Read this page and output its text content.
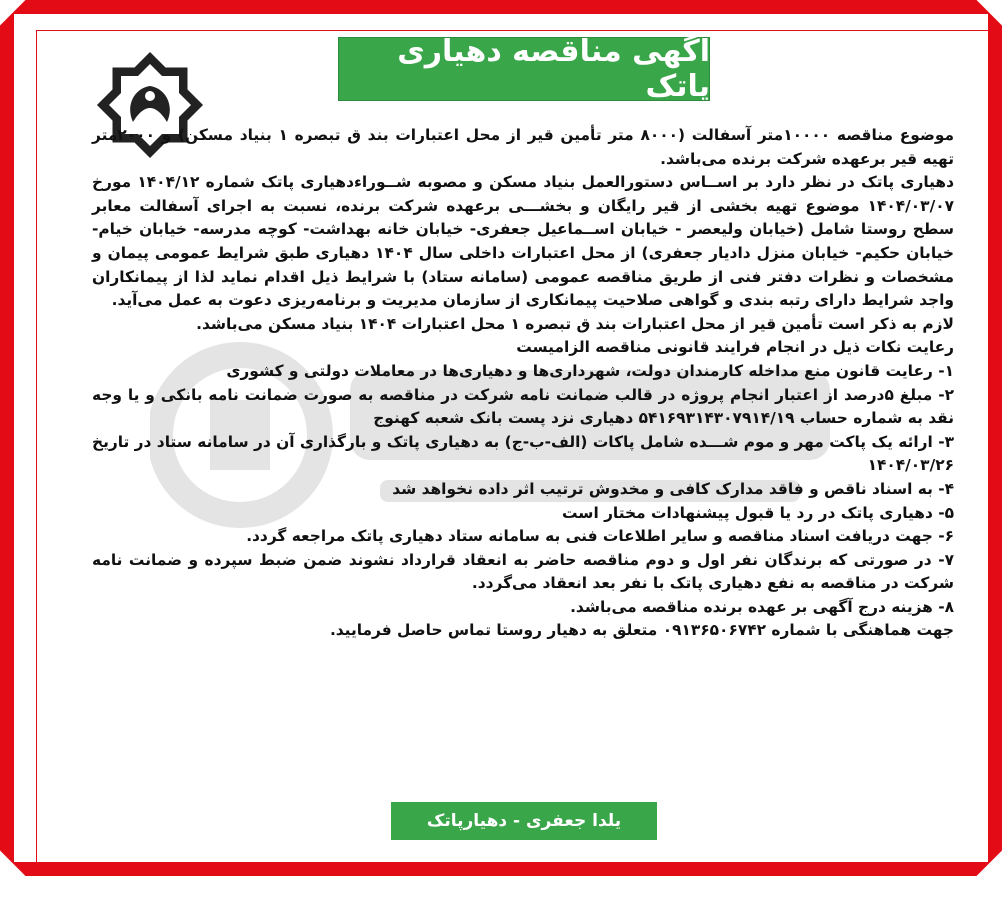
آگهی مناقصه دهیاری پاتک

موضوع مناقصه ۱۰۰۰۰متر آسفالت (۸۰۰۰ متر تأمین قیر از محل اعتبارات بند ق تبصره ۱ بنیاد مسکن) و ۲۰۰۰متر تهیه قیر برعهده شرکت برنده می‌باشد.

دهیاری پاتک در نظر دارد بر اســاس دستورالعمل بنیاد مسکن و مصوبه شــوراء‌دهیاری پاتک شماره ۱۴۰۴/۱۲ مورخ ۱۴۰۴/۰۳/۰۷ موضوع تهیه بخشی از قیر رایگان و بخشـــی برعهده شرکت برنده، نسبت به اجرای آسفالت معابر سطح روستا شامل (خیابان ولیعصر - خیابان اســماعیل جعفری- خیابان خانه بهداشت- کوچه مدرسه- خیابان خیام- خیابان حکیم- خیابان منزل دادیار جعفری) از محل اعتبارات داخلی سال ۱۴۰۴ دهیاری طبق شرایط عمومی پیمان و مشخصات و نظرات دفتر فنی از طریق مناقصه عمومی (سامانه ستاد) با شرایط ذیل اقدام نماید لذا از پیمانکاران واجد شرایط دارای رتبه بندی و گواهی صلاحیت پیمانکاری از سازمان مدیریت و برنامه‌ریزی دعوت به عمل می‌آید.

لازم به ذکر است تأمین قیر از محل اعتبارات بند ق تبصره ۱ محل اعتبارات ۱۴۰۴ بنیاد مسکن می‌باشد.

رعایت نکات ذیل در انجام فرایند قانونی مناقصه الزامیست

۱- رعایت قانون منع مداخله کارمندان دولت، شهرداری‌ها و دهیاری‌ها در معاملات دولتی و کشوری

۲- مبلغ ۵درصد از اعتبار انجام پروژه در قالب ضمانت نامه شرکت در مناقصه به صورت ضمانت نامه بانکی و یا وجه نقد به شماره حساب ۵۴۱۶۹۳۱۴۳۰۷۹۱۴/۱۹ دهیاری نزد پست بانک شعبه کهنوج

۳- ارائه یک پاکت مهر و موم شـــده شامل پاکات (الف-ب-ج) به دهیاری پاتک و بارگذاری آن در سامانه ستاد در تاریخ ۱۴۰۴/۰۳/۲۶

۴- به اسناد ناقص و فاقد مدارک کافی و مخدوش ترتیب اثر داده نخواهد شد

۵- دهیاری پاتک در رد یا قبول پیشنهادات مختار است

۶- جهت دریافت اسناد مناقصه و سایر اطلاعات فنی به سامانه ستاد دهیاری پاتک مراجعه گردد.

۷- در صورتی که برندگان نفر اول و دوم مناقصه حاضر به انعقاد قرارداد نشوند ضمن ضبط سپرده و ضمانت نامه شرکت در مناقصه به نفع دهیاری پاتک با نفر بعد انعقاد می‌گردد.

۸- هزینه درج آگهی بر عهده برنده مناقصه می‌باشد.

جهت هماهنگی با شماره ۰۹۱۳۶۵۰۶۷۴۲ متعلق به دهیار روستا تماس حاصل فرمایید.

یلدا جعفری - دهیارپاتک
